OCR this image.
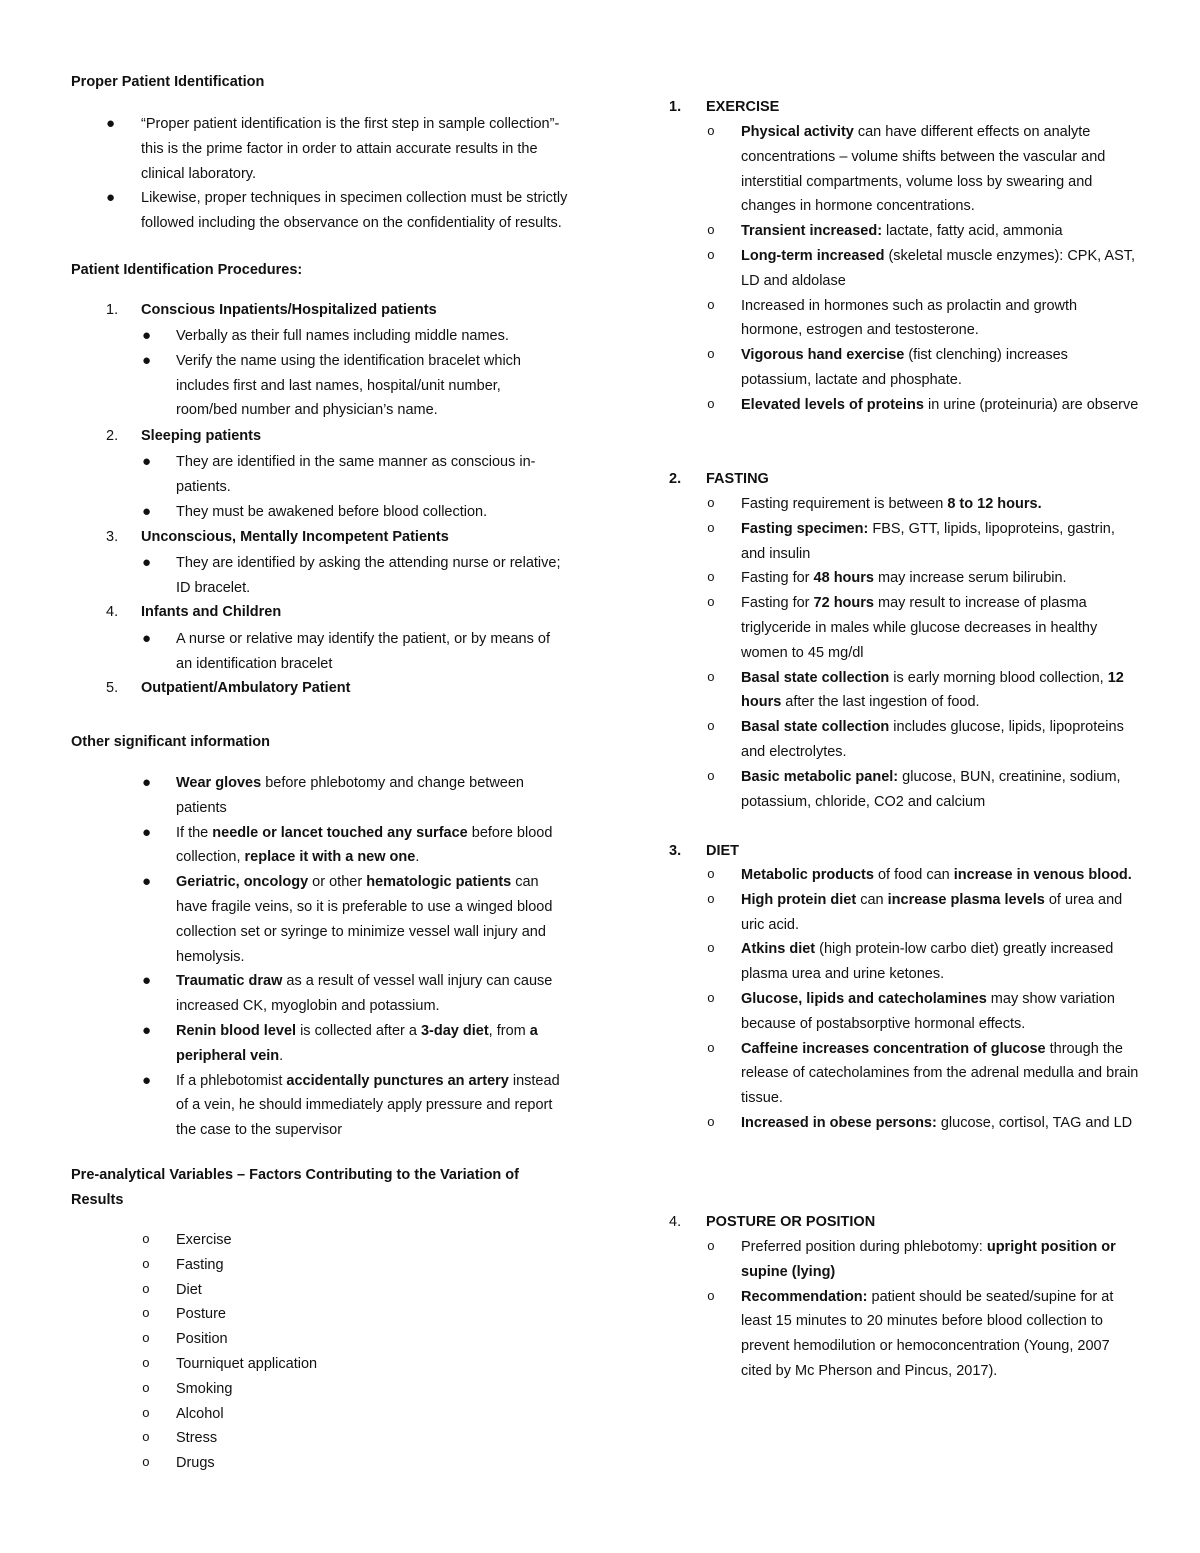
Proper Patient Identification
● “Proper patient identification is the first step in sample collection”- this is the prime factor in order to attain accurate results in the clinical laboratory.
● Likewise, proper techniques in specimen collection must be strictly followed including the observance on the confidentiality of results.
Patient Identification Procedures:
1. Conscious Inpatients/Hospitalized patients
● Verbally as their full names including middle names.
● Verify the name using the identification bracelet which includes first and last names, hospital/unit number, room/bed number and physician’s name.
2. Sleeping patients
● They are identified in the same manner as conscious in-patients.
● They must be awakened before blood collection.
3. Unconscious, Mentally Incompetent Patients
● They are identified by asking the attending nurse or relative; ID bracelet.
4. Infants and Children
● A nurse or relative may identify the patient, or by means of an identification bracelet
5. Outpatient/Ambulatory Patient
Other significant information
● Wear gloves before phlebotomy and change between patients
● If the needle or lancet touched any surface before blood collection, replace it with a new one.
● Geriatric, oncology or other hematologic patients can have fragile veins, so it is preferable to use a winged blood collection set or syringe to minimize vessel wall injury and hemolysis.
● Traumatic draw as a result of vessel wall injury can cause increased CK, myoglobin and potassium.
● Renin blood level is collected after a 3-day diet, from a peripheral vein.
● If a phlebotomist accidentally punctures an artery instead of a vein, he should immediately apply pressure and report the case to the supervisor
Pre-analytical Variables – Factors Contributing to the Variation of
Results
o Exercise
o Fasting
o Diet
o Posture
o Position
o Tourniquet application
o Smoking
o Alcohol
o Stress
o Drugs
1. EXERCISE
o Physical activity can have different effects on analyte concentrations – volume shifts between the vascular and interstitial compartments, volume loss by swearing and changes in hormone concentrations.
o Transient increased: lactate, fatty acid, ammonia
o Long-term increased (skeletal muscle enzymes): CPK, AST, LD and aldolase
o Increased in hormones such as prolactin and growth hormone, estrogen and testosterone.
o Vigorous hand exercise (fist clenching) increases potassium, lactate and phosphate.
o Elevated levels of proteins in urine (proteinuria) are observe
2. FASTING
o Fasting requirement is between 8 to 12 hours.
o Fasting specimen: FBS, GTT, lipids, lipoproteins, gastrin, and insulin
o Fasting for 48 hours may increase serum bilirubin.
o Fasting for 72 hours may result to increase of plasma triglyceride in males while glucose decreases in healthy women to 45 mg/dl
o Basal state collection is early morning blood collection, 12 hours after the last ingestion of food.
o Basal state collection includes glucose, lipids, lipoproteins and electrolytes.
o Basic metabolic panel: glucose, BUN, creatinine, sodium, potassium, chloride, CO2 and calcium
3. DIET
o Metabolic products of food can increase in venous blood.
o High protein diet can increase plasma levels of urea and uric acid.
o Atkins diet (high protein-low carbo diet) greatly increased plasma urea and urine ketones.
o Glucose, lipids and catecholamines may show variation because of postabsorptive hormonal effects.
o Caffeine increases concentration of glucose through the release of catecholamines from the adrenal medulla and brain tissue.
o Increased in obese persons: glucose, cortisol, TAG and LD
4. POSTURE OR POSITION
o Preferred position during phlebotomy: upright position or supine (lying)
o Recommendation: patient should be seated/supine for at least 15 minutes to 20 minutes before blood collection to prevent hemodilution or hemoconcentration (Young, 2007 cited by Mc Pherson and Pincus, 2017).
